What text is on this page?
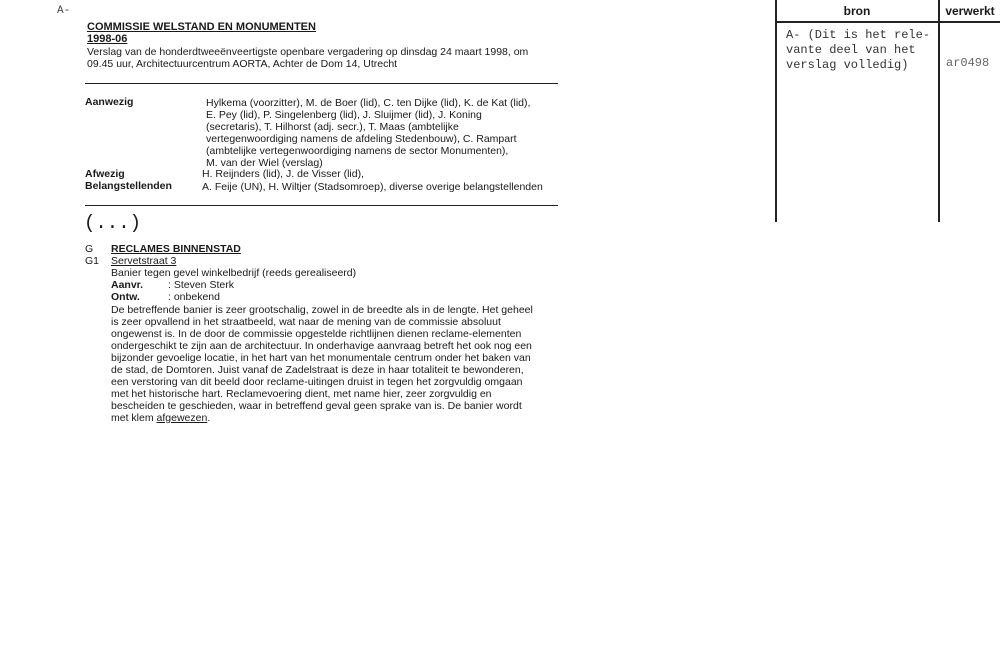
A-
COMMISSIE WELSTAND EN MONUMENTEN
1998-06
Verslag van de honderdtweeënveertigste openbare vergadering op dinsdag 24 maart 1998, om
09.45 uur, Architectuurcentrum AORTA, Achter de Dom 14, Utrecht
Aanwezig	Hylkema (voorzitter), M. de Boer (lid), C. ten Dijke (lid), K. de Kat (lid),
E. Pey (lid), P. Singelenberg (lid), J. Sluijmer (lid), J. Koning
(secretaris), T. Hilhorst (adj. secr.), T. Maas (ambtelijke
vertegenwoordiging namens de afdeling Stedenbouw), C. Rampart
(ambtelijke vertegenwoordiging namens de sector Monumenten),
M. van der Wiel (verslag)
Afwezig	H. Reijnders (lid), J. de Visser (lid),
Belangstellenden	A. Feije (UN), H. Wiltjer (Stadsomroep), diverse overige belangstellenden
(...)
G RECLAMES BINNENSTAD
G1 Servetstraat 3
Banier tegen gevel winkelbedrijf (reeds gerealiseerd)
Aanvr. : Steven Sterk
Ontw.	: onbekend
De betreffende banier is zeer grootschalig, zowel in de breedte als in de lengte. Het geheel
is zeer opvallend in het straatbeeld, wat naar de mening van de commissie absoluut
ongewenst is. In de door de commissie opgestelde richtlijnen dienen reclame-elementen
ondergeschikt te zijn aan de architectuur. In onderhavige aanvraag betreft het ook nog een
bijzonder gevoelige locatie, in het hart van het monumentale centrum onder het baken van
de stad, de Domtoren. Juist vanaf de Zadelstraat is deze in haar totaliteit te bewonderen,
een verstoring van dit beeld door reclame-uitingen druist in tegen het zorgvuldig omgaan
met het historische hart. Reclamevoering dient, met name hier, zeer zorgvuldig en
bescheiden te geschieden, waar in betreffend geval geen sprake van is. De banier wordt
met klem afgewezen.
bron	verwerkt
A- (Dit is het rele-
vante deel van het
verslag volledig)	ar0498
